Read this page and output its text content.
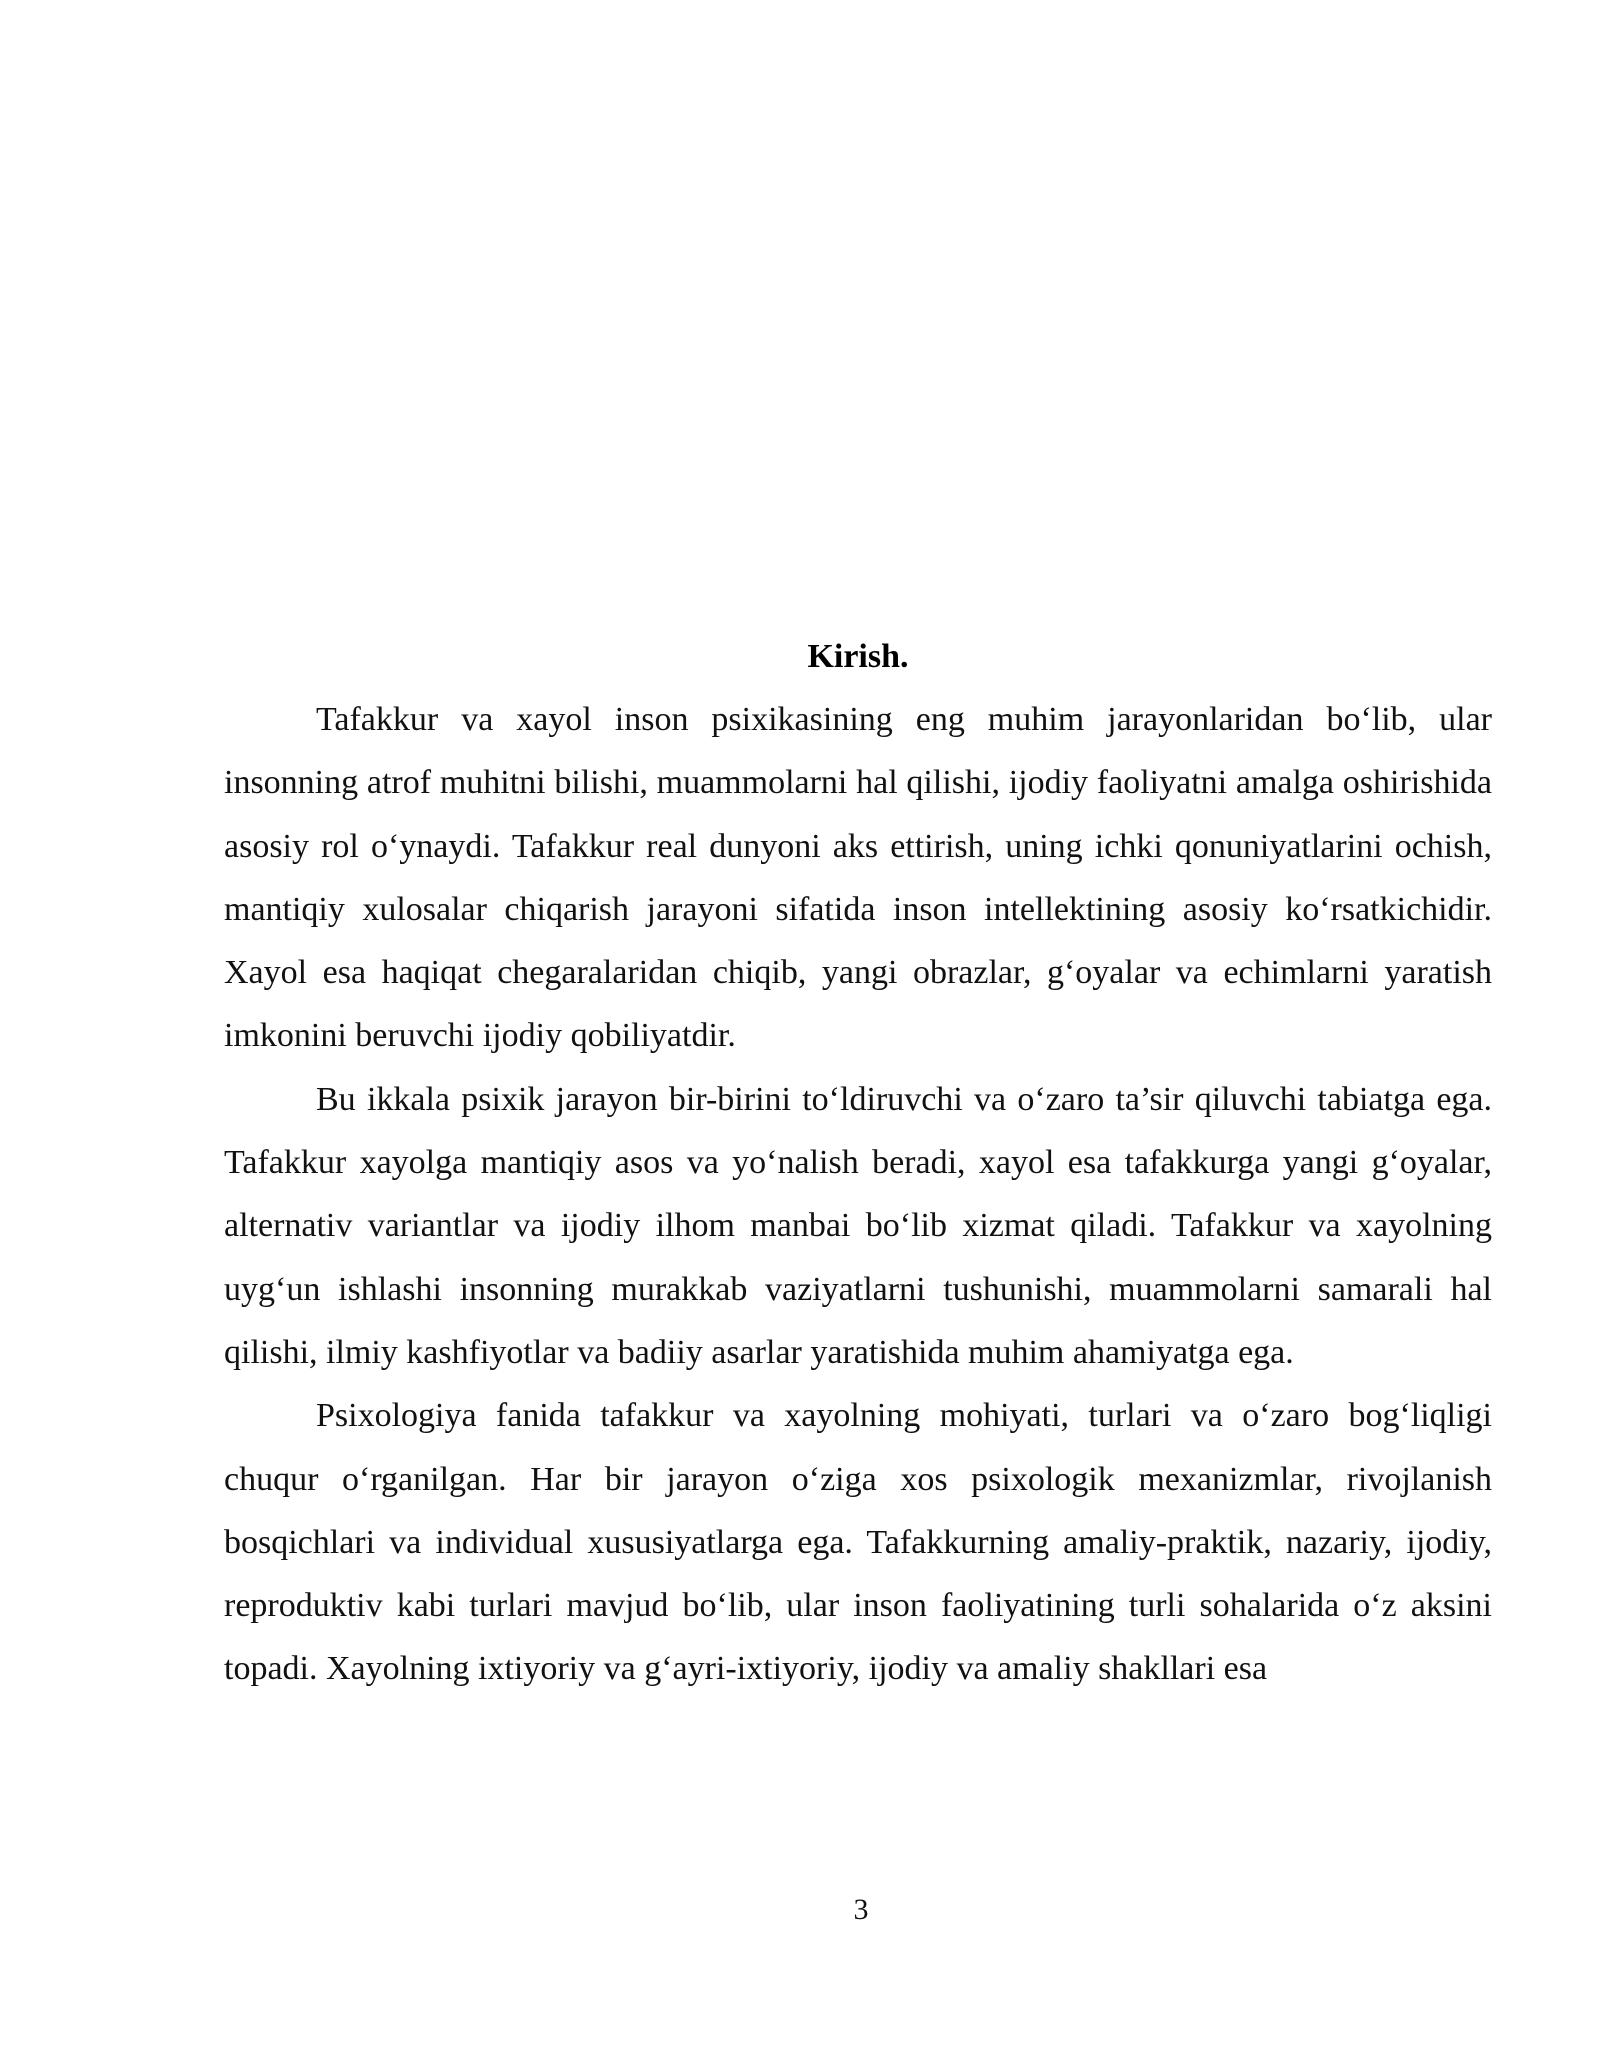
Kirish.

Tafakkur va xayol inson psixikasining eng muhim jarayonlaridan bo‘lib, ular insonning atrof muhitni bilishi, muammolarni hal qilishi, ijodiy faoliyatni amalga oshirishida asosiy rol o‘ynaydi. Tafakkur real dunyoni aks ettirish, uning ichki qonuniyatlarini ochish, mantiqiy xulosalar chiqarish jarayoni sifatida inson intellektining asosiy ko‘rsatkichidir. Xayol esa haqiqat chegaralaridan chiqib, yangi obrazlar, g‘oyalar va echimlarni yaratish imkonini beruvchi ijodiy qobiliyatdir.

Bu ikkala psixik jarayon bir-birini to‘ldiruvchi va o‘zaro ta’sir qiluvchi tabiatga ega. Tafakkur xayolga mantiqiy asos va yo‘nalish beradi, xayol esa tafakkurga yangi g‘oyalar, alternativ variantlar va ijodiy ilhom manbai bo‘lib xizmat qiladi. Tafakkur va xayolning uyg‘un ishlashi insonning murakkab vaziyatlarni tushunishi, muammolarni samarali hal qilishi, ilmiy kashfiyotlar va badiiy asarlar yaratishida muhim ahamiyatga ega.

Psixologiya fanida tafakkur va xayolning mohiyati, turlari va o‘zaro bog‘liqligi chuqur o‘rganilgan. Har bir jarayon o‘ziga xos psixologik mexanizmlar, rivojlanish bosqichlari va individual xususiyatlarga ega. Tafakkurning amaliy-praktik, nazariy, ijodiy, reproduktiv kabi turlari mavjud bo‘lib, ular inson faoliyatining turli sohalarida o‘z aksini topadi. Xayolning ixtiyoriy va g‘ayri-ixtiyoriy, ijodiy va amaliy shakllari esa

3
